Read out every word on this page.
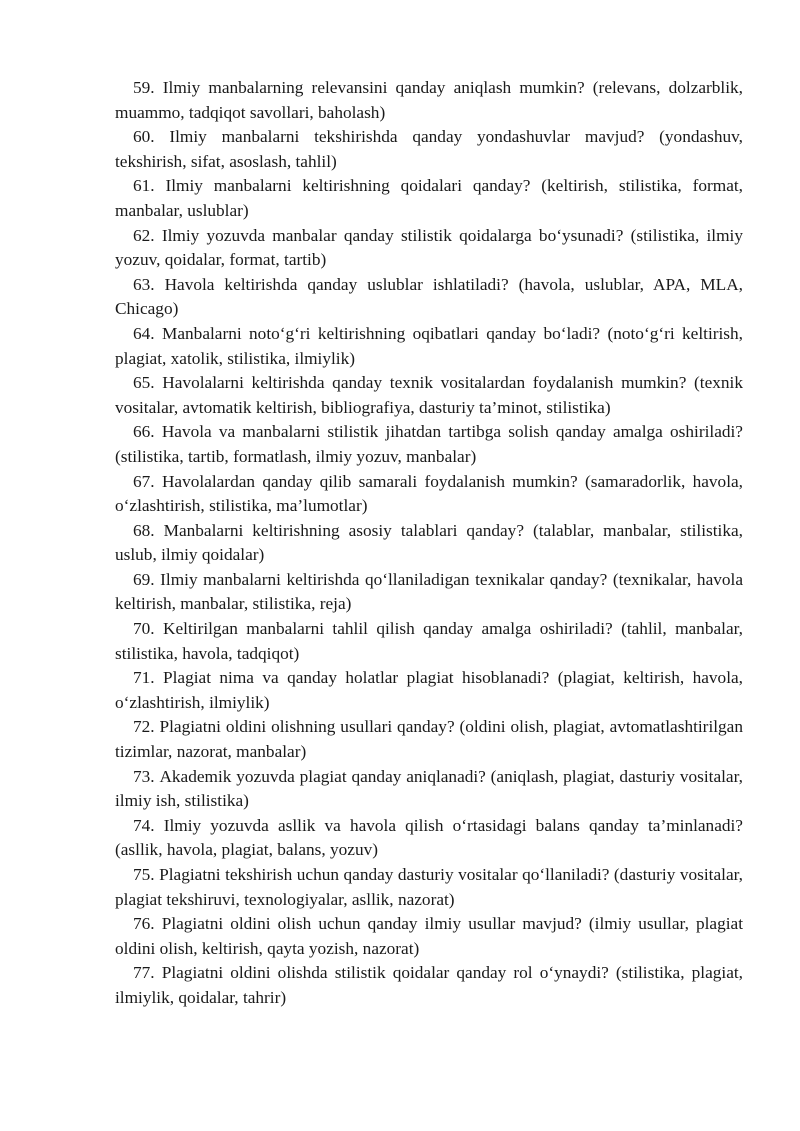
59. Ilmiy manbalarning relevansini qanday aniqlash mumkin? (relevans, dolzarblik, muammo, tadqiqot savollari, baholash)

60. Ilmiy manbalarni tekshirishda qanday yondashuvlar mavjud? (yondashuv, tekshirish, sifat, asoslash, tahlil)

61. Ilmiy manbalarni keltirishning qoidalari qanday? (keltirish, stilistika, format, manbalar, uslublar)

62. Ilmiy yozuvda manbalar qanday stilistik qoidalarga bo‘ysunadi? (stilistika, ilmiy yozuv, qoidalar, format, tartib)

63. Havola keltirishda qanday uslublar ishlatiladi? (havola, uslublar, APA, MLA, Chicago)

64. Manbalarni noto‘g‘ri keltirishning oqibatlari qanday bo‘ladi? (noto‘g‘ri keltirish, plagiat, xatolik, stilistika, ilmiylik)

65. Havolalarni keltirishda qanday texnik vositalardan foydalanish mumkin? (texnik vositalar, avtomatik keltirish, bibliografiya, dasturiy ta’minot, stilistika)

66. Havola va manbalarni stilistik jihatdan tartibga solish qanday amalga oshiriladi? (stilistika, tartib, formatlash, ilmiy yozuv, manbalar)

67. Havolalardan qanday qilib samarali foydalanish mumkin? (samaradorlik, havola, o‘zlashtirish, stilistika, ma’lumotlar)

68. Manbalarni keltirishning asosiy talablari qanday? (talablar, manbalar, stilistika, uslub, ilmiy qoidalar)

69. Ilmiy manbalarni keltirishda qo‘llaniladigan texnikalar qanday? (texnikalar, havola keltirish, manbalar, stilistika, reja)

70. Keltirilgan manbalarni tahlil qilish qanday amalga oshiriladi? (tahlil, manbalar, stilistika, havola, tadqiqot)

71. Plagiat nima va qanday holatlar plagiat hisoblanadi? (plagiat, keltirish, havola, o‘zlashtirish, ilmiylik)

72. Plagiatni oldini olishning usullari qanday? (oldini olish, plagiat, avtomatlashtirilgan tizimlar, nazorat, manbalar)

73. Akademik yozuvda plagiat qanday aniqlanadi? (aniqlash, plagiat, dasturiy vositalar, ilmiy ish, stilistika)

74. Ilmiy yozuvda asllik va havola qilish o‘rtasidagi balans qanday ta’minlanadi? (asllik, havola, plagiat, balans, yozuv)

75. Plagiatni tekshirish uchun qanday dasturiy vositalar qo‘llaniladi? (dasturiy vositalar, plagiat tekshiruvi, texnologiyalar, asllik, nazorat)

76. Plagiatni oldini olish uchun qanday ilmiy usullar mavjud? (ilmiy usullar, plagiat oldini olish, keltirish, qayta yozish, nazorat)

77. Plagiatni oldini olishda stilistik qoidalar qanday rol o‘ynaydi? (stilistika, plagiat, ilmiylik, qoidalar, tahrir)
